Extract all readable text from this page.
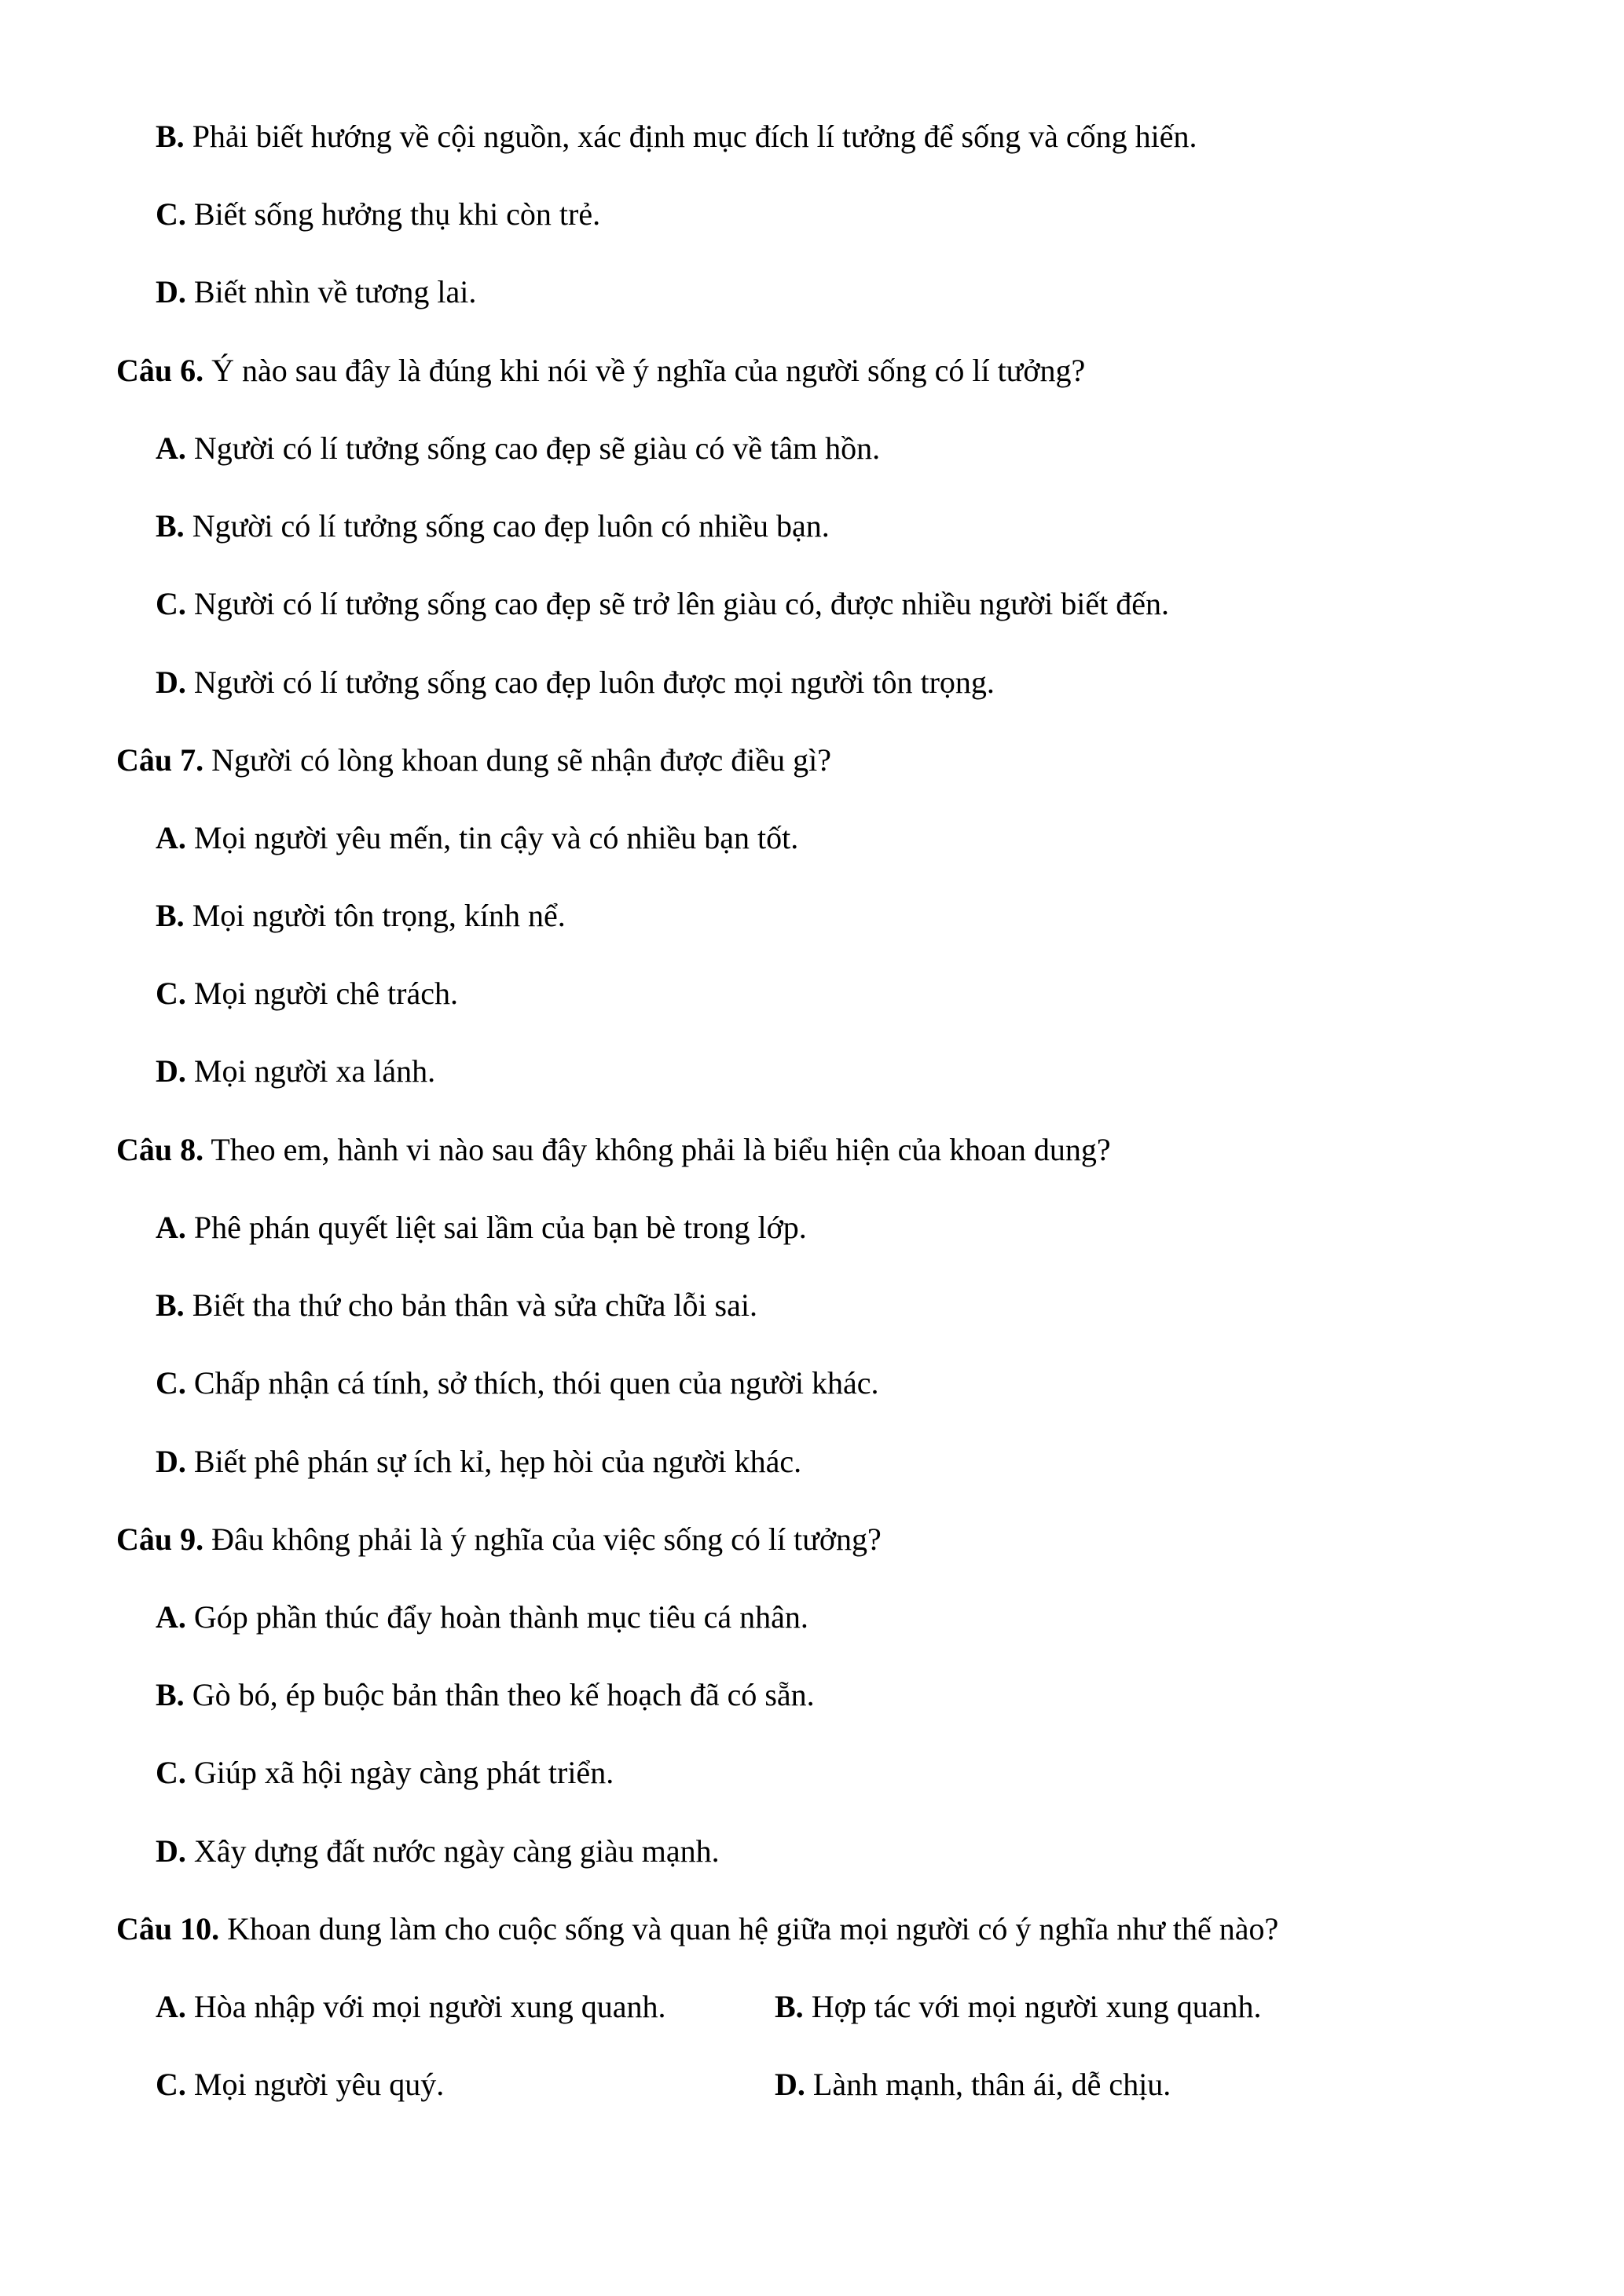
B. Phải biết hướng về cội nguồn, xác định mục đích lí tưởng để sống và cống hiến.
C. Biết sống hưởng thụ khi còn trẻ.
D. Biết nhìn về tương lai.
Câu 6. Ý nào sau đây là đúng khi nói về ý nghĩa của người sống có lí tưởng?
A. Người có lí tưởng sống cao đẹp sẽ giàu có về tâm hồn.
B. Người có lí tưởng sống cao đẹp luôn có nhiều bạn.
C. Người có lí tưởng sống cao đẹp sẽ trở lên giàu có, được nhiều người biết đến.
D. Người có lí tưởng sống cao đẹp luôn được mọi người tôn trọng.
Câu 7. Người có lòng khoan dung sẽ nhận được điều gì?
A. Mọi người yêu mến, tin cậy và có nhiều bạn tốt.
B. Mọi người tôn trọng, kính nể.
C. Mọi người chê trách.
D. Mọi người xa lánh.
Câu 8. Theo em, hành vi nào sau đây không phải là biểu hiện của khoan dung?
A. Phê phán quyết liệt sai lầm của bạn bè trong lớp.
B. Biết tha thứ cho bản thân và sửa chữa lỗi sai.
C. Chấp nhận cá tính, sở thích, thói quen của người khác.
D. Biết phê phán sự ích kỉ, hẹp hòi của người khác.
Câu 9. Đâu không phải là ý nghĩa của việc sống có lí tưởng?
A. Góp phần thúc đẩy hoàn thành mục tiêu cá nhân.
B. Gò bó, ép buộc bản thân theo kế hoạch đã có sẵn.
C. Giúp xã hội ngày càng phát triển.
D. Xây dựng đất nước ngày càng giàu mạnh.
Câu 10. Khoan dung làm cho cuộc sống và quan hệ giữa mọi người có ý nghĩa như thế nào?
A. Hòa nhập với mọi người xung quanh.	B. Hợp tác với mọi người xung quanh.
C. Mọi người yêu quý.	D. Lành mạnh, thân ái, dễ chịu.
